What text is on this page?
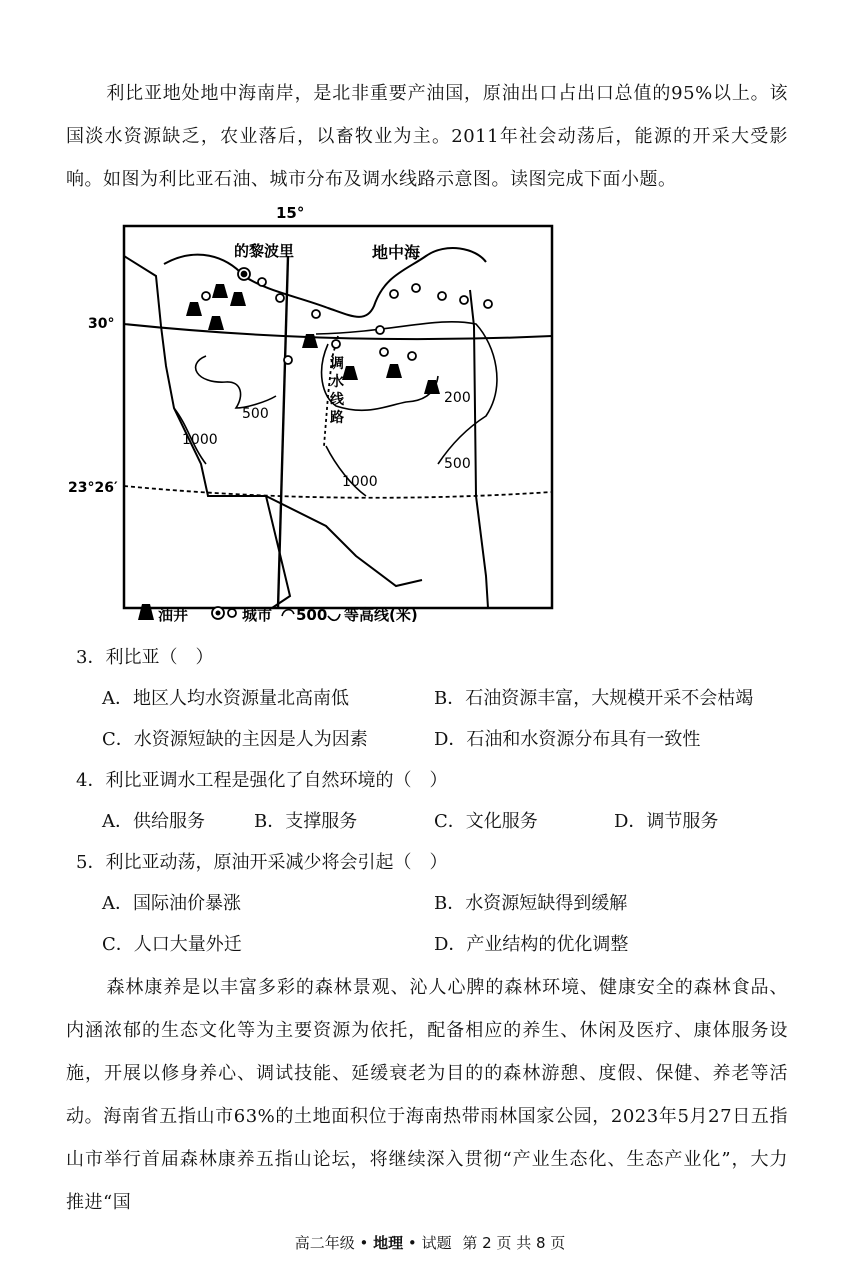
利比亚地处地中海南岸，是北非重要产油国，原油出口占出口总值的95%以上。该国淡水资源缺乏，农业落后，以畜牧业为主。2011年社会动荡后，能源的开采大受影响。如图为利比亚石油、城市分布及调水线路示意图。读图完成下面小题。
15°
30°
23°26′
的黎波里	地中海
调
水
线
路
500
1000
200
500
1000
油井	城市 500 等高线(米)
3．利比亚（　）
A．地区人均水资源量北高南低	B．石油资源丰富，大规模开采不会枯竭
C．水资源短缺的主因是人为因素	D．石油和水资源分布具有一致性
4．利比亚调水工程是强化了自然环境的（　）
A．供给服务	B．支撑服务	C．文化服务	D．调节服务
5．利比亚动荡，原油开采减少将会引起（　）
A．国际油价暴涨	B．水资源短缺得到缓解
C．人口大量外迁	D．产业结构的优化调整
森林康养是以丰富多彩的森林景观、沁人心脾的森林环境、健康安全的森林食品、内涵浓郁的生态文化等为主要资源为依托，配备相应的养生、休闲及医疗、康体服务设施，开展以修身养心、调试技能、延缓衰老为目的的森林游憩、度假、保健、养老等活动。海南省五指山市63%的土地面积位于海南热带雨林国家公园，2023年5月27日五指山市举行首届森林康养五指山论坛，将继续深入贯彻“产业生态化、生态产业化”，大力推进“国
高二年级 • 地理 • 试题 第 2 页 共 8 页
